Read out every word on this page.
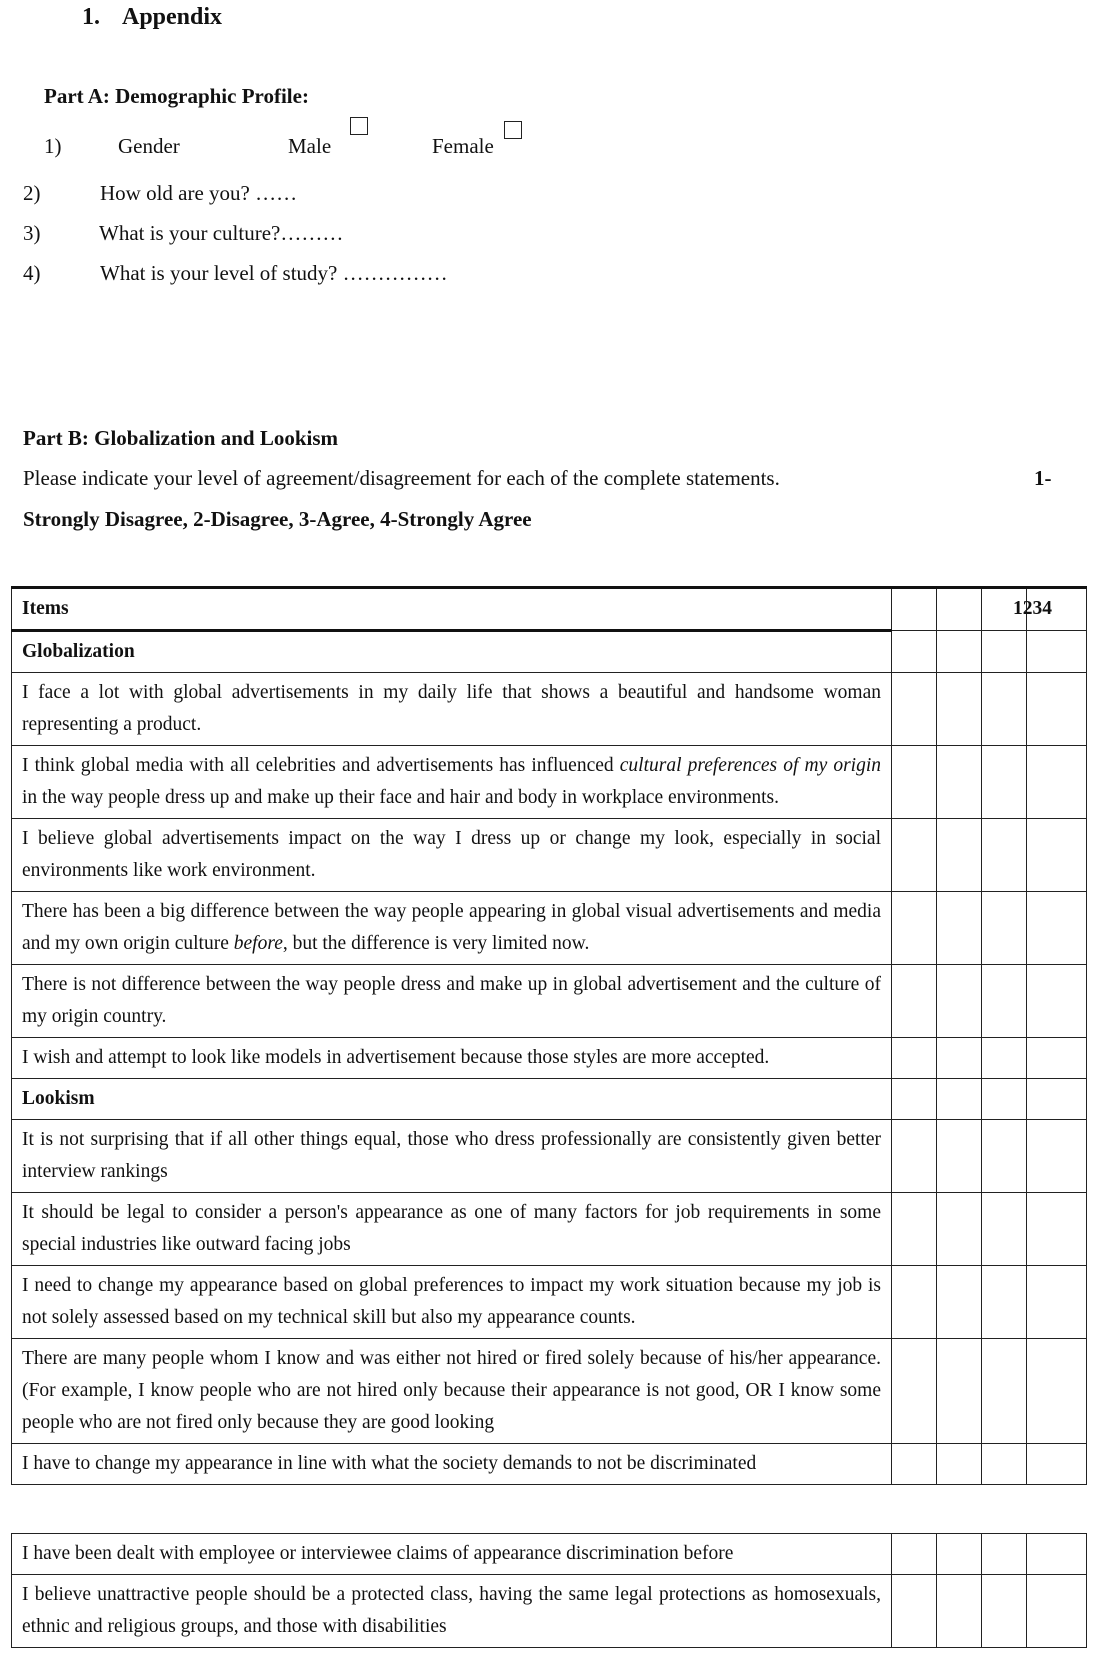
1. Appendix
Part A: Demographic Profile:
1)	Gender	Male	Female
2)	How old are you? ……
3)	What is your culture?………
4)	What is your level of study? ……………
Part B: Globalization and Lookism
Please indicate your level of agreement/disagreement for each of the complete statements.	1-
Strongly Disagree, 2-Disagree, 3-Agree, 4-Strongly Agree
Items				1234

Globalization				
I face a lot with global advertisements in my daily life that shows a beautiful and handsome woman representing a product.				
I think global media with all celebrities and advertisements has influenced cultural preferences of my origin in the way people dress up and make up their face and hair and body in workplace environments.				
I believe global advertisements impact on the way I dress up or change my look, especially in social environments like work environment.				
There has been a big difference between the way people appearing in global visual advertisements and media and my own origin culture before, but the difference is very limited now.				
There is not difference between the way people dress and make up in global advertisement and the culture of my origin country.				
I wish and attempt to look like models in advertisement because those styles are more accepted.				
Lookism				
It is not surprising that if all other things equal, those who dress professionally are consistently given better interview rankings				
It should be legal to consider a person's appearance as one of many factors for job requirements in some special industries like outward facing jobs				
I need to change my appearance based on global preferences to impact my work situation because my job is not solely assessed based on my technical skill but also my appearance counts.				
There are many people whom I know and was either not hired or fired solely because of his/her appearance. (For example, I know people who are not hired only because their appearance is not good, OR I know some people who are not fired only because they are good looking				
I have to change my appearance in line with what the society demands to not be discriminated				
I have been dealt with employee or interviewee claims of appearance discrimination before				
I believe unattractive people should be a protected class, having the same legal protections as homosexuals, ethnic and religious groups, and those with disabilities				
